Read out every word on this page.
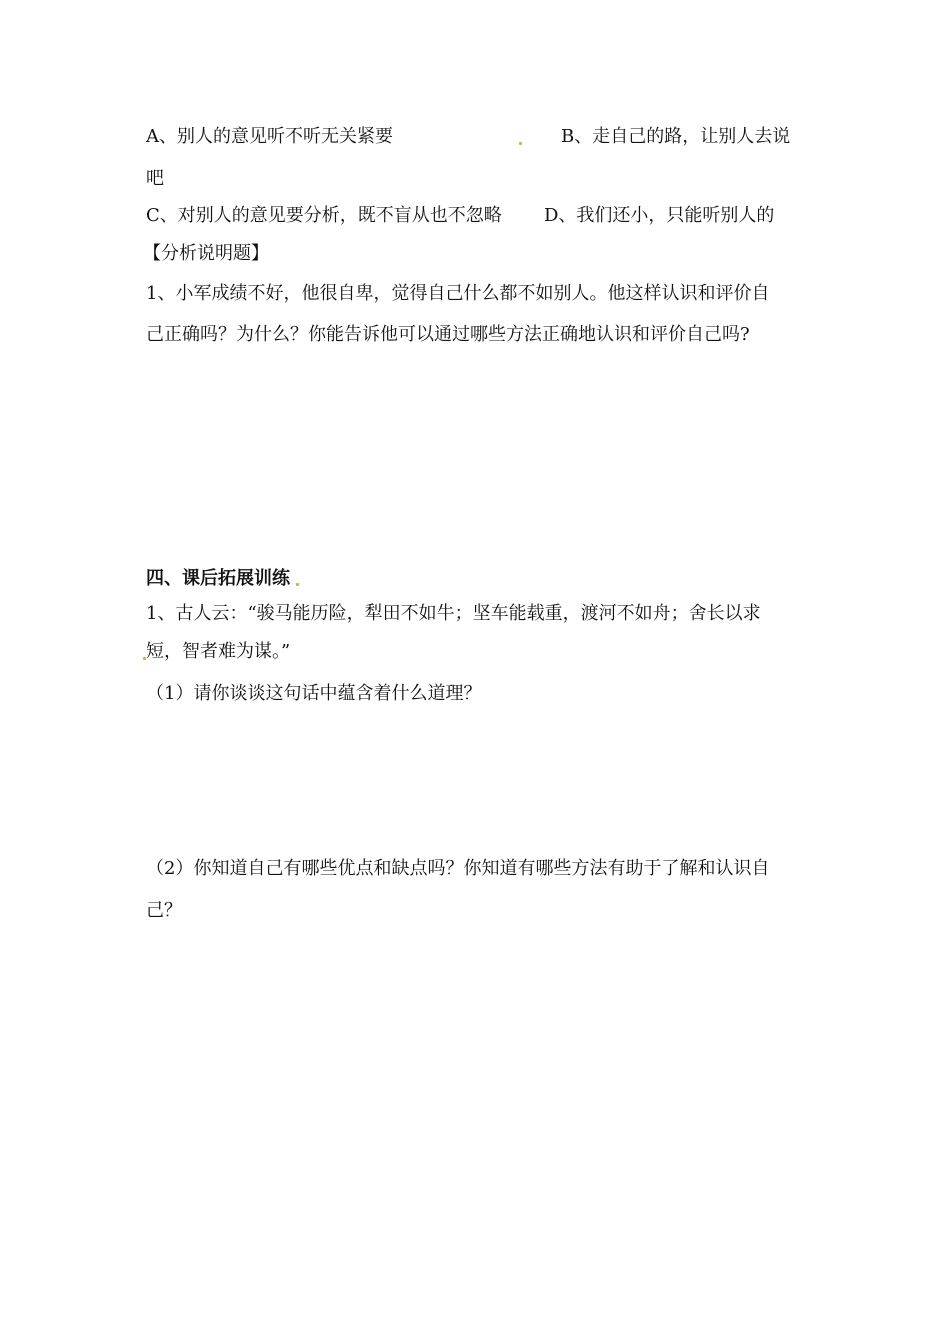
A、别人的意见听不听无关紧要	B、走自己的路，让别人去说
吧
C、对别人的意见要分析，既不盲从也不忽略 D、我们还小，只能听别人的
【分析说明题】
1、小军成绩不好，他很自卑，觉得自己什么都不如别人。他这样认识和评价自
己正确吗？为什么？你能告诉他可以通过哪些方法正确地认识和评价自己吗?
四、课后拓展训练
1、古人云：“骏马能历险，犁田不如牛；坚车能载重，渡河不如舟；舍长以求
短，智者难为谋。”
（1）请你谈谈这句话中蕴含着什么道理？
（2）你知道自己有哪些优点和缺点吗？你知道有哪些方法有助于了解和认识自
己？
